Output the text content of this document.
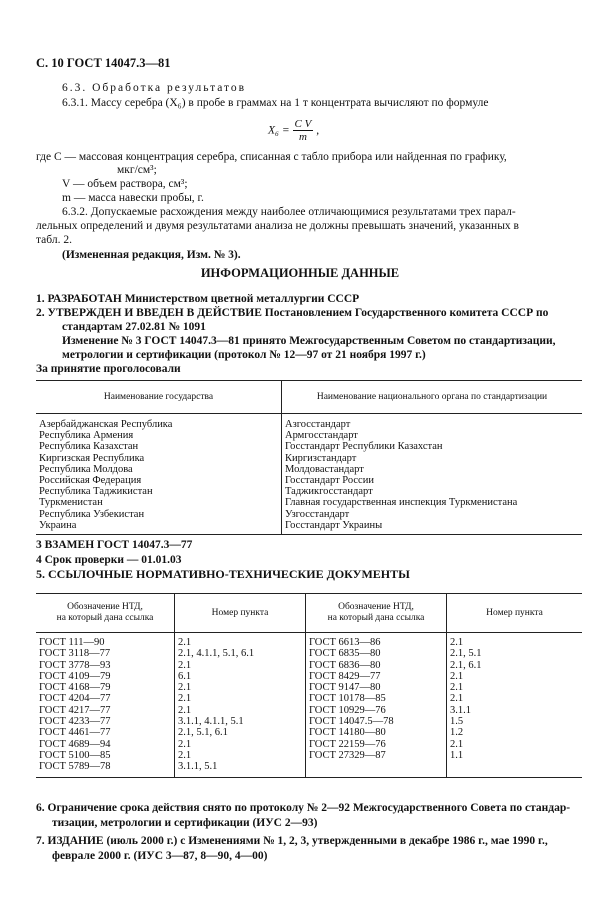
С. 10 ГОСТ 14047.3—81
6.3. Обработка результатов
6.3.1. Массу серебра (X₆) в пробе в граммах на 1 т концентрата вычисляют по формуле
$X_6 = \frac{\text{C V}}{m}$ ,
где C — массовая концентрация серебра, списанная с табло прибора или найденная по графику,
мкг/см³;
V — объем раствора, см³;
m — масса навески пробы, г.
6.3.2. Допускаемые расхождения между наиболее отличающимися результатами трех парал-
лельных определений и двумя результатами анализа не должны превышать значений, указанных в
табл. 2.
(Измененная редакция, Изм. № 3).
ИНФОРМАЦИОННЫЕ ДАННЫЕ
1. РАЗРАБОТАН Министерством цветной металлургии СССР
2. УТВЕРЖДЕН И ВВЕДЕН В ДЕЙСТВИЕ Постановлением Государственного комитета СССР по
стандартам 27.02.81 № 1091
Изменение № 3 ГОСТ 14047.3—81 принято Межгосударственным Советом по стандартизации,
метрологии и сертификации (протокол № 12—97 от 21 ноября 1997 г.)
За принятие проголосовали
Наименование государства	Наименование национального органа по стандартизации
Азербайджанская Республика	Азгосстандарт
Республика Армения	Армгосстандарт
Республика Казахстан	Госстандарт Республики Казахстан
Киргизская Республика	Киргизстандарт
Республика Молдова	Молдовастандарт
Российская Федерация	Госстандарт России
Республика Таджикистан	Таджикгосстандарт
Туркменистан	Главная государственная инспекция Туркменистана
Республика Узбекистан	Узгосстандарт
Украина	Госстандарт Украины
3 ВЗАМЕН ГОСТ 14047.3—77
4 Срок проверки — 01.01.03
5. ССЫЛОЧНЫЕ НОРМАТИВНО-ТЕХНИЧЕСКИЕ ДОКУМЕНТЫ
Обозначение НТД,
на который дана ссылка	Номер пункта	Обозначение НТД,
на который дана ссылка	Номер пункта
ГОСТ 111—90	2.1	ГОСТ 6613—86	2.1
ГОСТ 3118—77	2.1, 4.1.1, 5.1, 6.1	ГОСТ 6835—80	2.1, 5.1
ГОСТ 3778—93	2.1	ГОСТ 6836—80	2.1, 6.1
ГОСТ 4109—79	6.1	ГОСТ 8429—77	2.1
ГОСТ 4168—79	2.1	ГОСТ 9147—80	2.1
ГОСТ 4204—77	2.1	ГОСТ 10178—85	2.1
ГОСТ 4217—77	2.1	ГОСТ 10929—76	3.1.1
ГОСТ 4233—77	3.1.1, 4.1.1, 5.1	ГОСТ 14047.5—78	1.5
ГОСТ 4461—77	2.1, 5.1, 6.1	ГОСТ 14180—80	1.2
ГОСТ 4689—94	2.1	ГОСТ 22159—76	2.1
ГОСТ 5100—85	2.1	ГОСТ 27329—87	1.1
ГОСТ 5789—78	3.1.1, 5.1		
6. Ограничение срока действия снято по протоколу № 2—92 Межгосударственного Совета по стандар-
тизации, метрологии и сертификации (ИУС 2—93)
7. ИЗДАНИЕ (июль 2000 г.) с Изменениями № 1, 2, 3, утвержденными в декабре 1986 г., мае 1990 г.,
февpале 2000 г. (ИУС 3—87, 8—90, 4—00)
